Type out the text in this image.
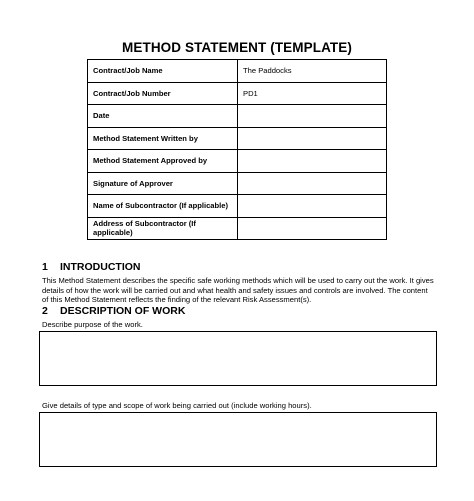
METHOD STATEMENT (TEMPLATE)
Contract/Job Name	The Paddocks
Contract/Job Number	PD1
Date	
Method Statement Written by	
Method Statement Approved by	
Signature of Approver	
Name of Subcontractor (If applicable)	
Address of Subcontractor (If applicable)	
1 INTRODUCTION
This Method Statement describes the specific safe working methods which will be used to carry out the work. It gives details of how the work will be carried out and what health and safety issues and controls are involved. The content of this Method Statement reflects the finding of the relevant Risk Assessment(s).
2 DESCRIPTION OF WORK
Describe purpose of the work.
Give details of type and scope of work being carried out (include working hours).
